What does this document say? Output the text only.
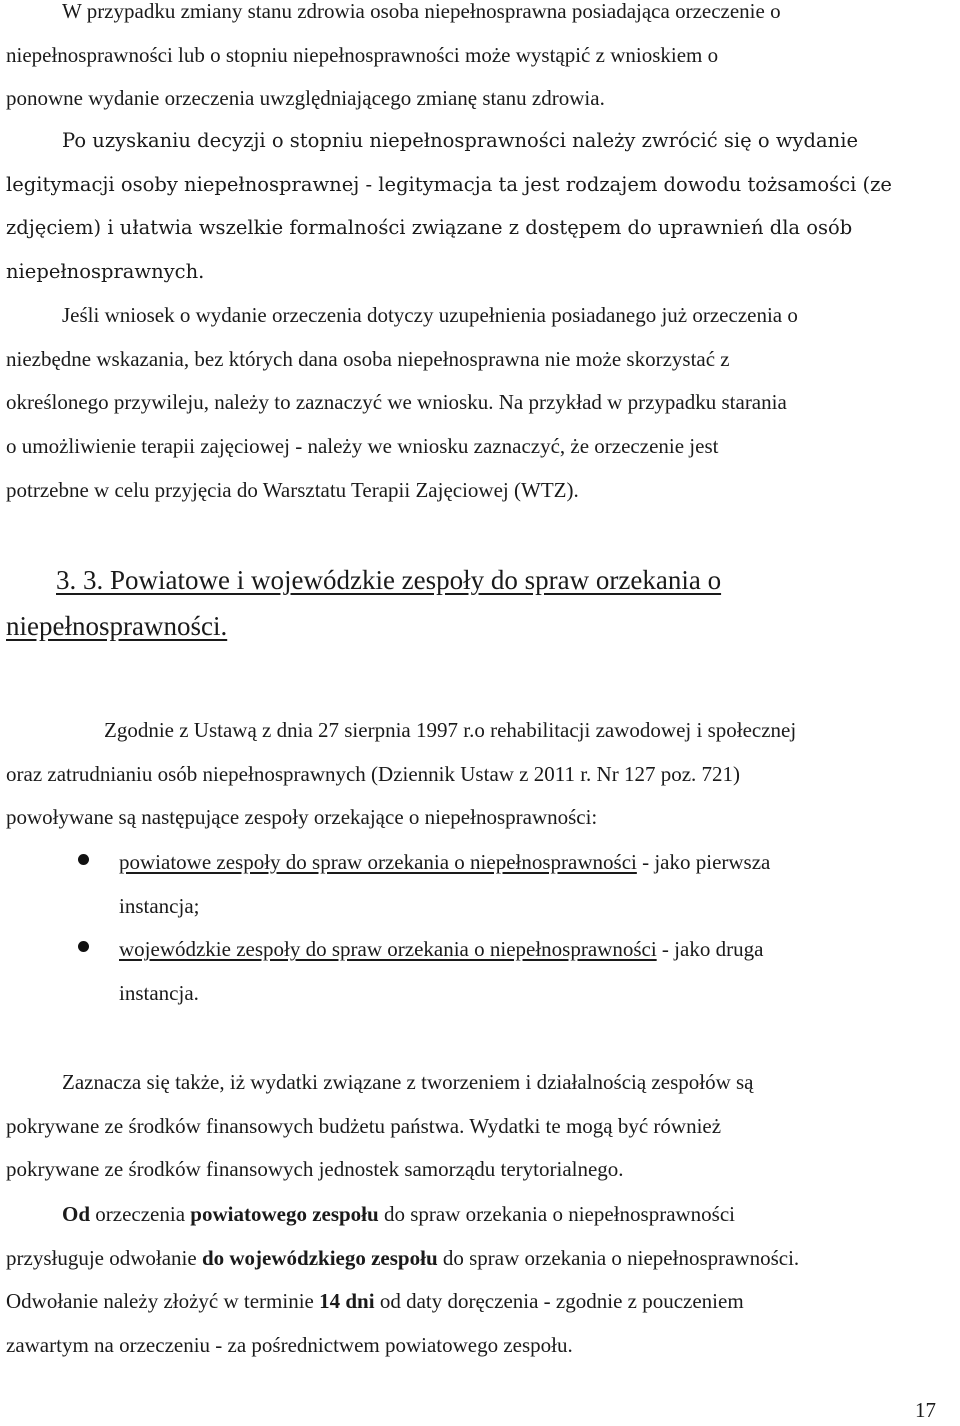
W przypadku zmiany stanu zdrowia osoba niepełnosprawna posiadająca orzeczenie o
niepełnosprawności lub o stopniu niepełnosprawności może wystąpić z wnioskiem o
ponowne wydanie orzeczenia uwzględniającego zmianę stanu zdrowia.
Po uzyskaniu decyzji o stopniu niepełnosprawności należy zwrócić się o wydanie
legitymacji osoby niepełnosprawnej - legitymacja ta jest rodzajem dowodu tożsamości (ze
zdjęciem) i ułatwia wszelkie formalności związane z dostępem do uprawnień dla osób
niepełnosprawnych.
Jeśli wniosek o wydanie orzeczenia dotyczy uzupełnienia posiadanego już orzeczenia o
niezbędne wskazania, bez których dana osoba niepełnosprawna nie może skorzystać z
określonego przywileju, należy to zaznaczyć we wniosku. Na przykład w przypadku starania
o umożliwienie terapii zajęciowej - należy we wniosku zaznaczyć, że orzeczenie jest
potrzebne w celu przyjęcia do Warsztatu Terapii Zajęciowej (WTZ).
3. 3. Powiatowe i wojewódzkie zespoły do spraw orzekania o
niepełnosprawności.
Zgodnie z Ustawą z dnia 27 sierpnia 1997 r.o rehabilitacji zawodowej i społecznej
oraz zatrudnianiu osób niepełnosprawnych (Dziennik Ustaw z 2011 r. Nr 127 poz. 721)
powoływane są następujące zespoły orzekające o niepełnosprawności:
powiatowe zespoły do spraw orzekania o niepełnosprawności - jako pierwsza
instancja;
wojewódzkie zespoły do spraw orzekania o niepełnosprawności - jako druga
instancja.
Zaznacza się także, iż wydatki związane z tworzeniem i działalnością zespołów są
pokrywane ze środków finansowych budżetu państwa. Wydatki te mogą być również
pokrywane ze środków finansowych jednostek samorządu terytorialnego.
Od orzeczenia powiatowego zespołu do spraw orzekania o niepełnosprawności
przysługuje odwołanie do wojewódzkiego zespołu do spraw orzekania o niepełnosprawności.
Odwołanie należy złożyć w terminie 14 dni od daty doręczenia - zgodnie z pouczeniem
zawartym na orzeczeniu - za pośrednictwem powiatowego zespołu.
17
